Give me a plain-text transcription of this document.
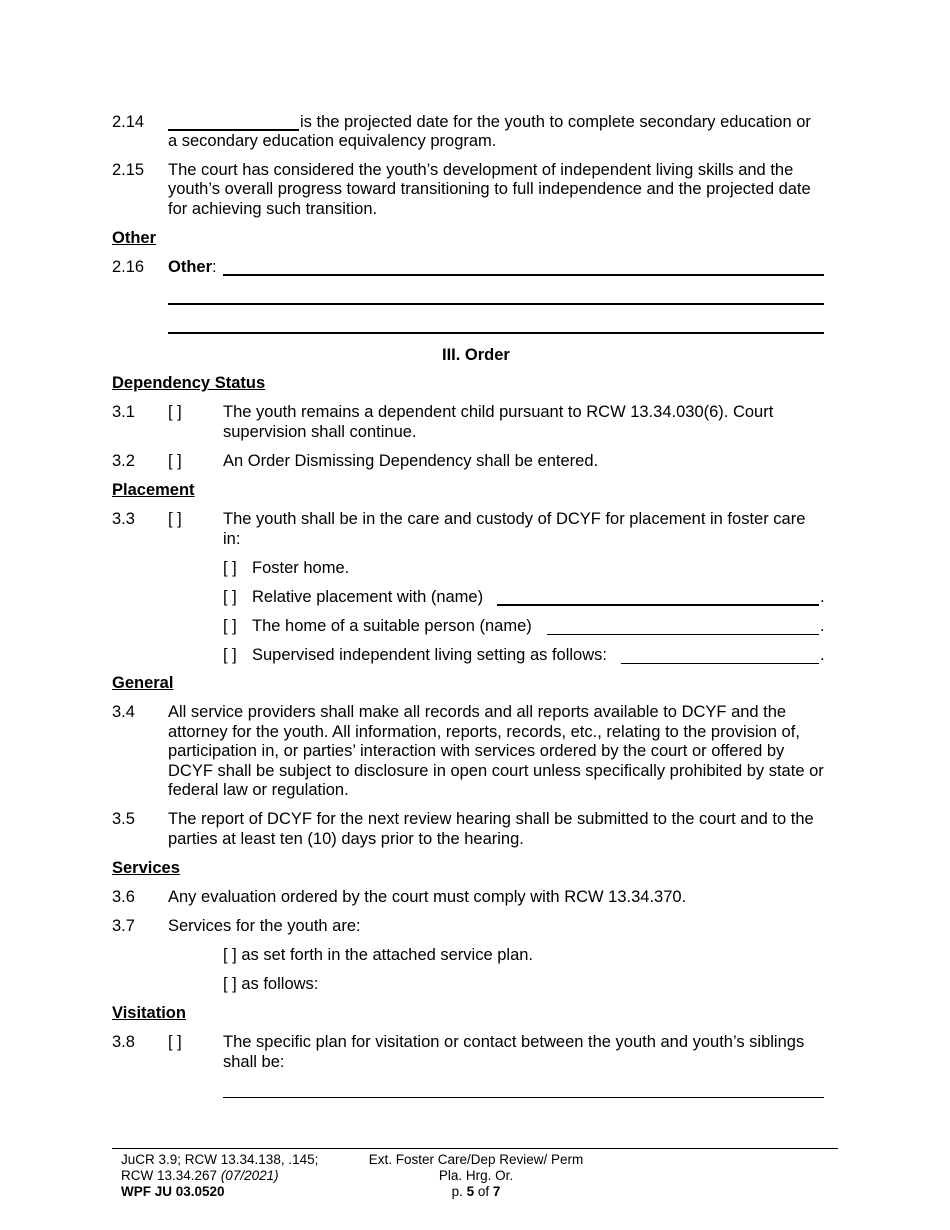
2.14	is the projected date for the youth to complete secondary education or
a secondary education equivalency program.
2.15 The court has considered the youth’s development of independent living skills and the
youth’s overall progress toward transitioning to full independence and the projected date
for achieving such transition.
Other
2.16 Other:
III. Order
Dependency Status
3.1 [ ] The youth remains a dependent child pursuant to RCW 13.34.030(6). Court
supervision shall continue.
3.2 [ ] An Order Dismissing Dependency shall be entered.
Placement
3.3 [ ] The youth shall be in the care and custody of DCYF for placement in foster care
in:
[ ] Foster home.
[ ] Relative placement with (name)	.
[ ] The home of a suitable person (name)	.
[ ] Supervised independent living setting as follows:	.
General
3.4 All service providers shall make all records and all reports available to DCYF and the
attorney for the youth. All information, reports, records, etc., relating to the provision of,
participation in, or parties’ interaction with services ordered by the court or offered by
DCYF shall be subject to disclosure in open court unless specifically prohibited by state or
federal law or regulation.
3.5 The report of DCYF for the next review hearing shall be submitted to the court and to the
parties at least ten (10) days prior to the hearing.
Services
3.6 Any evaluation ordered by the court must comply with RCW 13.34.370.
3.7 Services for the youth are:
[ ] as set forth in the attached service plan.
[ ] as follows:
Visitation
3.8 [ ] The specific plan for visitation or contact between the youth and youth’s siblings
shall be:
JuCR 3.9; RCW 13.34.138, .145;
RCW 13.34.267 (07/2021)
WPF JU 03.0520
Ext. Foster Care/Dep Review/ Perm
Pla. Hrg. Or.
p. 5 of 7
